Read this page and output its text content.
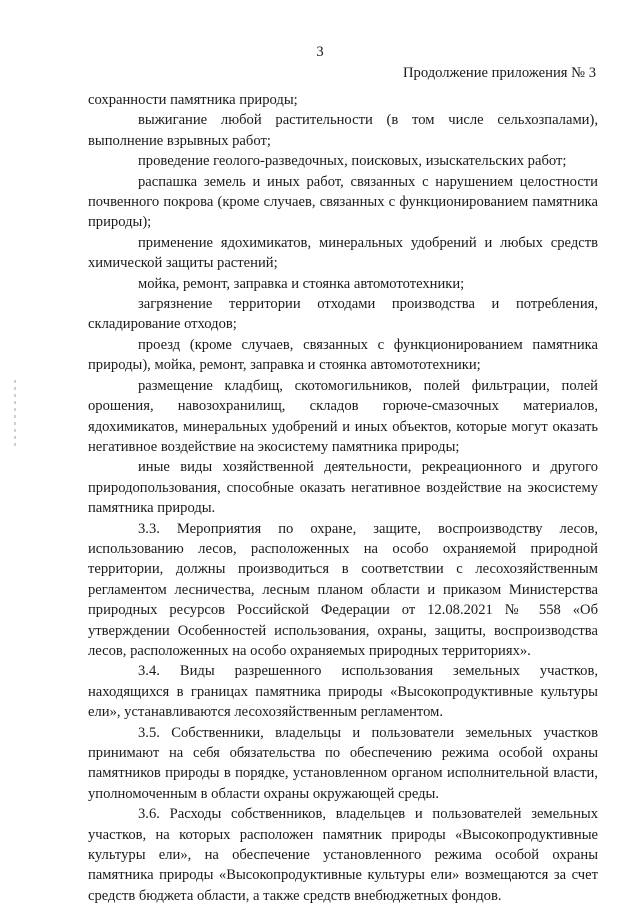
3
Продолжение приложения № 3

сохранности памятника природы;

выжигание любой растительности (в том числе сельхозпалами), выполнение взрывных работ;

проведение геолого-разведочных, поисковых, изыскательских работ;

распашка земель и иных работ, связанных с нарушением целостности почвенного покрова (кроме случаев, связанных с функционированием памятника природы);

применение ядохимикатов, минеральных удобрений и любых средств химической защиты растений;

мойка, ремонт, заправка и стоянка автомототехники;

загрязнение территории отходами производства и потребления, складирование отходов;

проезд (кроме случаев, связанных с функционированием памятника природы), мойка, ремонт, заправка и стоянка автомототехники;

размещение кладбищ, скотомогильников, полей фильтрации, полей орошения, навозохранилищ, складов горюче-смазочных материалов, ядохимикатов, минеральных удобрений и иных объектов, которые могут оказать негативное воздействие на экосистему памятника природы;

иные виды хозяйственной деятельности, рекреационного и другого природопользования, способные оказать негативное воздействие на экосистему памятника природы.

3.3. Мероприятия по охране, защите, воспроизводству лесов, использованию лесов, расположенных на особо охраняемой природной территории, должны производиться в соответствии с лесохозяйственным регламентом лесничества, лесным планом области и приказом Министерства природных ресурсов Российской Федерации от 12.08.2021 № 558 «Об утверждении Особенностей использования, охраны, защиты, воспроизводства лесов, расположенных на особо охраняемых природных территориях».

3.4. Виды разрешенного использования земельных участков, находящихся в границах памятника природы «Высокопродуктивные культуры ели», устанавливаются лесохозяйственным регламентом.

3.5. Собственники, владельцы и пользователи земельных участков принимают на себя обязательства по обеспечению режима особой охраны памятников природы в порядке, установленном органом исполнительной власти, уполномоченным в области охраны окружающей среды.

3.6. Расходы собственников, владельцев и пользователей земельных участков, на которых расположен памятник природы «Высокопродуктивные культуры ели», на обеспечение установленного режима особой охраны памятника природы «Высокопродуктивные культуры ели» возмещаются за счет средств бюджета области, а также средств внебюджетных фондов.
